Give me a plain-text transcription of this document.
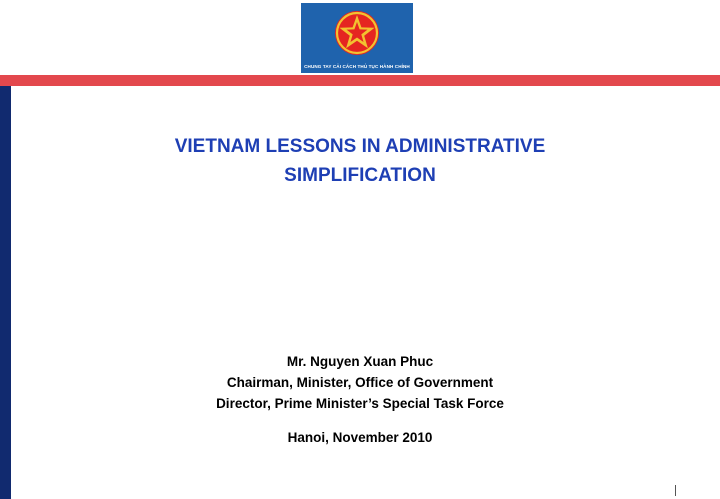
CHUNG TAY CẢI CÁCH THỦ TỤC HÀNH CHÍNH
VIETNAM LESSONS IN ADMINISTRATIVE
SIMPLIFICATION
Mr. Nguyen Xuan Phuc
Chairman, Minister, Office of Government
Director, Prime Minister’s Special Task Force
Hanoi, November 2010
